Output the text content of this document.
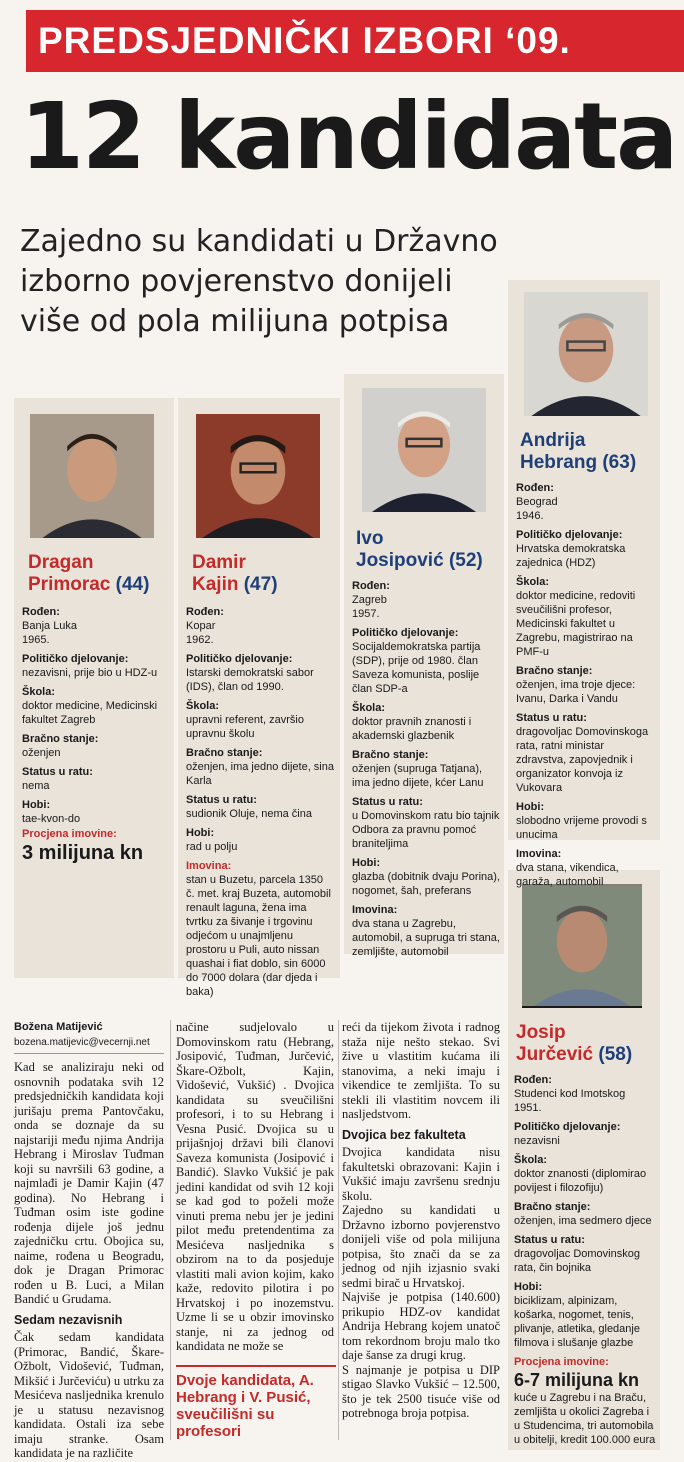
PREDSJEDNIČKI IZBORI ‘09.
12 kandidata
Zajedno su kandidati u Državno
izborno povjerenstvo donijeli
više od pola milijuna potpisa
Dragan
Primorac (44)
Rođen:
Banja Luka
1965.
Političko djelovanje:
nezavisni, prije bio u HDZ-u
Škola:
doktor medicine, Medicinski fakultet Zagreb
Bračno stanje:
oženjen
Status u ratu:
nema
Hobi:
tae-kvon-do
Procjena imovine:
3 milijuna kn
Damir
Kajin (47)
Rođen:
Kopar
1962.
Političko djelovanje:
Istarski demokratski sabor (IDS), član od 1990.
Škola:
upravni referent, završio upravnu školu
Bračno stanje:
oženjen, ima jedno dijete, sina Karla
Status u ratu:
sudionik Oluje, nema čina
Hobi:
rad u polju
Imovina:
stan u Buzetu, parcela 1350 č. met. kraj Buzeta, automobil renault laguna, žena ima tvrtku za šivanje i trgovinu odjećom u unajmljenu prostoru u Puli, auto nissan quashai i fiat doblo, sin 6000 do 7000 dolara (dar djeda i baka)
Ivo
Josipović (52)
Rođen:
Zagreb
1957.
Političko djelovanje:
Socijaldemokratska partija (SDP), prije od 1980. član Saveza komunista, poslije član SDP-a
Škola:
doktor pravnih znanosti i akademski glazbenik
Bračno stanje:
oženjen (supruga Tatjana), ima jedno dijete, kćer Lanu
Status u ratu:
u Domovinskom ratu bio tajnik Odbora za pravnu pomoć braniteljima
Hobi:
glazba (dobitnik dvaju Porina), nogomet, šah, preferans
Imovina:
dva stana u Zagrebu, automobil, a supruga tri stana, zemljište, automobil
Andrija
Hebrang (63)
Rođen:
Beograd
1946.
Političko djelovanje:
Hrvatska demokratska zajednica (HDZ)
Škola:
doktor medicine, redoviti sveučilišni profesor, Medicinski fakultet u Zagrebu, magistrirao na PMF-u
Bračno stanje:
oženjen, ima troje djece: Ivanu, Darka i Vandu
Status u ratu:
dragovoljac Domovinskoga rata, ratni ministar zdravstva, zapovjednik i organizator konvoja iz Vukovara
Hobi:
slobodno vrijeme provodi s unucima
Imovina:
dva stana, vikendica, garaža, automobil
Josip
Jurčević (58)
Rođen:
Studenci kod Imotskog
1951.
Političko djelovanje:
nezavisni
Škola:
doktor znanosti (diplomirao povijest i filozofiju)
Bračno stanje:
oženjen, ima sedmero djece
Status u ratu:
dragovoljac Domovinskog rata, čin bojnika
Hobi:
biciklizam, alpinizam, košarka, nogomet, tenis, plivanje, atletika, gledanje filmova i slušanje glazbe
Procjena imovine:
6-7 milijuna kn
kuće u Zagrebu i na Braču, zemljišta u okolici Zagreba i u Studencima, tri automobila u obitelji, kredit 100.000 eura
Božena Matijević
bozena.matijevic@vecernji.net

Kad se analiziraju neki od osnovnih podataka svih 12 predsjedničkih kandidata koji jurišaju prema Pantovčaku, onda se doznaje da su najstariji među njima Andrija Hebrang i Miroslav Tuđman koji su navršili 63 godine, a najmlađi je Damir Kajin (47 godina). No Hebrang i Tuđman osim iste godine rođenja dijele još jednu zajedničku crtu. Obojica su, naime, rođena u Beogradu, dok je Dragan Primorac rođen u B. Luci, a Milan Bandić u Grudama.

Sedam nezavisnih

Čak sedam kandidata (Primorac, Bandić, Škare-Ožbolt, Vidošević, Tuđman, Mikšić i Jurčeviću) u utrku za Mesićeva nasljednika krenulo je u statusu nezavisnog kandidata. Ostali iza sebe imaju stranke. Osam kandidata je na različite

načine sudjelovalo u Domovinskom ratu (Hebrang, Josipović, Tuđman, Jurčević, Škare-Ožbolt, Kajin, Vidošević, Vukšić) . Dvojica kandidata su sveučilišni profesori, i to su Hebrang i Vesna Pusić. Dvojica su u prijašnjoj državi bili članovi Saveza komunista (Josipović i Bandić). Slavko Vukšić je pak jedini kandidat od svih 12 koji se kad god to poželi može vinuti prema nebu jer je jedini pilot među pretendentima za Mesićeva nasljednika s obzirom na to da posjeduje vlastiti mali avion kojim, kako kaže, redovito pilotira i po Hrvatskoj i po inozemstvu. Uzme li se u obzir imovinsko stanje, ni za jednog od kandidata ne može se

Dvoje kandidata, A. Hebrang i V. Pusić, sveučilišni su profesori

reći da tijekom života i radnog staža nije nešto stekao. Svi žive u vlastitim kućama ili stanovima, a neki imaju i vikendice te zemljišta. To su stekli ili vlastitim novcem ili nasljedstvom.

Dvojica bez fakulteta

Dvojica kandidata nisu fakultetski obrazovani: Kajin i Vukšić imaju završenu srednju školu.
Zajedno su kandidati u Državno izborno povjerenstvo donijeli više od pola milijuna potpisa, što znači da se za jednog od njih izjasnio svaki sedmi birač u Hrvatskoj.
Najviše je potpisa (140.600) prikupio HDZ-ov kandidat Andrija Hebrang kojem unatoč tom rekordnom broju malo tko daje šanse za drugi krug.
S najmanje je potpisa u DIP stigao Slavko Vukšić – 12.500, što je tek 2500 tisuće više od potrebnoga broja potpisa.
